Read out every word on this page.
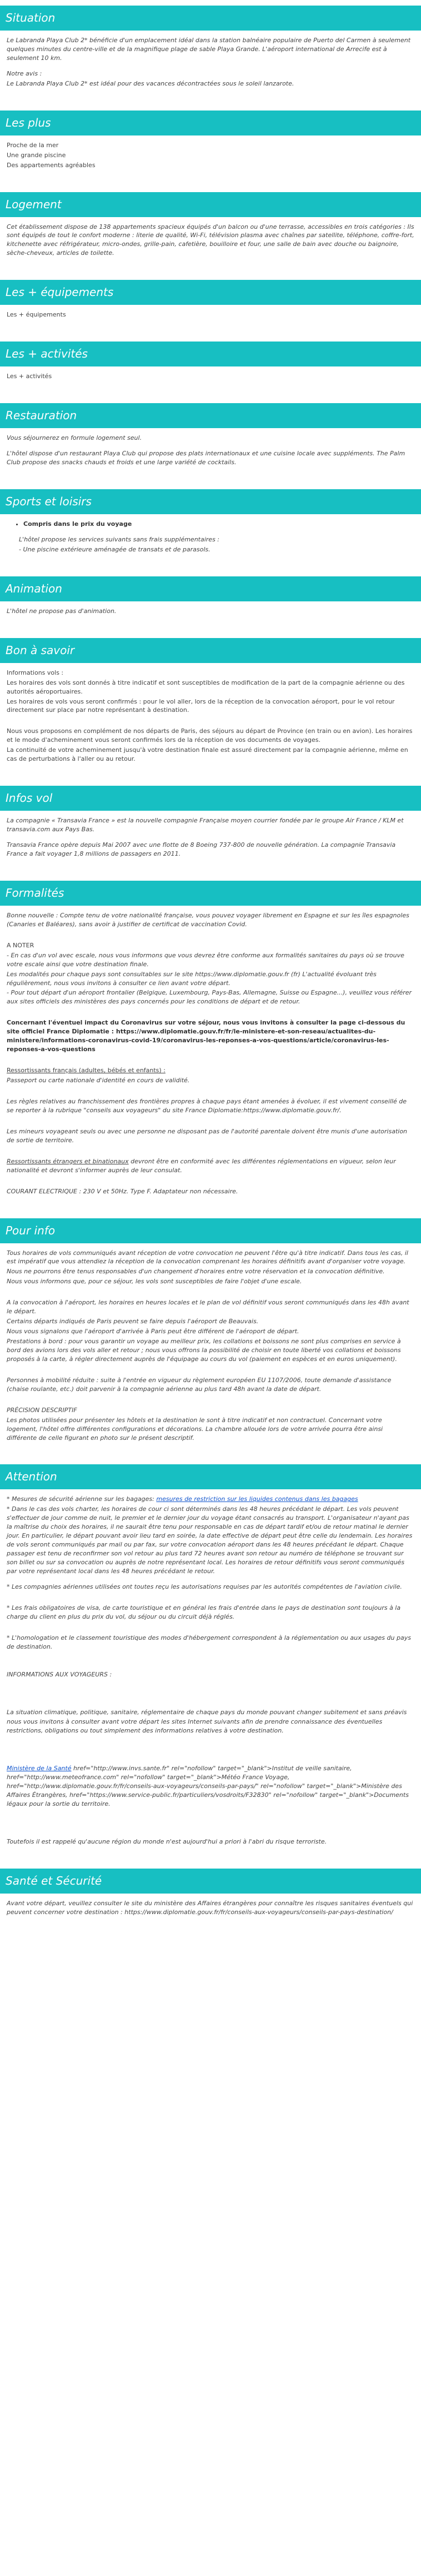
Situation

Le Labranda Playa Club 2* bénéficie d'un emplacement idéal dans la station balnéaire populaire de Puerto del Carmen à seulement quelques minutes du centre-ville et de la magnifique plage de sable Playa Grande. L'aéroport international de Arrecife est à seulement 10 km.

Notre avis :

Le Labranda Playa Club 2* est idéal pour des vacances décontractées sous le soleil lanzarote.

Les plus

Proche de la mer

Une grande piscine

Des appartements agréables

Logement

Cet établissement dispose de 138 appartements spacieux équipés d'un balcon ou d'une terrasse, accessibles en trois catégories : Ils sont équipés de tout le confort moderne : literie de qualité, Wi-Fi, télévision plasma avec chaînes par satellite, téléphone, coffre-fort, kitchenette avec réfrigérateur, micro-ondes, grille-pain, cafetière, bouilloire et four, une salle de bain avec douche ou baignoire, sèche-cheveux, articles de toilette.

Les + équipements

Les + équipements

Les + activités

Les + activités

Restauration

Vous séjournerez en formule logement seul.

L'hôtel dispose d'un restaurant Playa Club qui propose des plats internationaux et une cuisine locale avec suppléments. The Palm Club propose des snacks chauds et froids et une large variété de cocktails.

Sports et loisirs
• Compris dans le prix du voyage

L'hôtel propose les services suivants sans frais supplémentaires :

- Une piscine extérieure aménagée de transats et de parasols.

Animation

L'hôtel ne propose pas d'animation.

Bon à savoir

Informations vols :

Les horaires des vols sont donnés à titre indicatif et sont susceptibles de modification de la part de la compagnie aérienne ou des autorités aéroportuaires.

Les horaires de vols vous seront confirmés : pour le vol aller, lors de la réception de la convocation aéroport, pour le vol retour directement sur place par notre représentant à destination.

Nous vous proposons en complément de nos départs de Paris, des séjours au départ de Province (en train ou en avion). Les horaires et le mode d'acheminement vous seront confirmés lors de la réception de vos documents de voyages.

La continuité de votre acheminement jusqu'à votre destination finale est assuré directement par la compagnie aérienne, même en cas de perturbations à l'aller ou au retour.

Infos vol

La compagnie « Transavia France » est la nouvelle compagnie Française moyen courrier fondée par le groupe Air France / KLM et transavia.com aux Pays Bas.

Transavia France opère depuis Mai 2007 avec une flotte de 8 Boeing 737-800 de nouvelle génération. La compagnie Transavia France a fait voyager 1,8 millions de passagers en 2011.

Formalités

Bonne nouvelle : Compte tenu de votre nationalité française, vous pouvez voyager librement en Espagne et sur les îles espagnoles (Canaries et Baléares), sans avoir à justifier de certificat de vaccination Covid.

A NOTER

- En cas d'un vol avec escale, nous vous informons que vous devrez être conforme aux formalités sanitaires du pays où se trouve votre escale ainsi que votre destination finale.

Les modalités pour chaque pays sont consultables sur le site https://www.diplomatie.gouv.fr (fr) L'actualité évoluant très régulièrement, nous vous invitons à consulter ce lien avant votre départ.

- Pour tout départ d'un aéroport frontalier (Belgique, Luxembourg, Pays-Bas, Allemagne, Suisse ou Espagne...), veuillez vous référer aux sites officiels des ministères des pays concernés pour les conditions de départ et de retour.

Concernant l'éventuel impact du Coronavirus sur votre séjour, nous vous invitons à consulter la page ci-dessous du site officiel France Diplomatie : https://www.diplomatie.gouv.fr/fr/le-ministere-et-son-reseau/actualites-du-ministere/informations-coronavirus-covid-19/coronavirus-les-reponses-a-vos-questions/article/coronavirus-les-reponses-a-vos-questions

Ressortissants français (adultes, bébés et enfants) :

Passeport ou carte nationale d'identité en cours de validité.

Les règles relatives au franchissement des frontières propres à chaque pays étant amenées à évoluer, il est vivement conseillé de se reporter à la rubrique "conseils aux voyageurs" du site France Diplomatie:https://www.diplomatie.gouv.fr/.

Les mineurs voyageant seuls ou avec une personne ne disposant pas de l'autorité parentale doivent être munis d'une autorisation de sortie de territoire.

Ressortissants étrangers et binationaux devront être en conformité avec les différentes réglementations en vigueur, selon leur nationalité et devront s'informer auprès de leur consulat.

COURANT ELECTRIQUE : 230 V et 50Hz. Type F. Adaptateur non nécessaire.

Pour info

Tous horaires de vols communiqués avant réception de votre convocation ne peuvent l'être qu'à titre indicatif. Dans tous les cas, il est impératif que vous attendiez la réception de la convocation comprenant les horaires définitifs avant d'organiser votre voyage.

Nous ne pourrons être tenus responsables d'un changement d'horaires entre votre réservation et la convocation définitive.

Nous vous informons que, pour ce séjour, les vols sont susceptibles de faire l'objet d'une escale.

A la convocation à l'aéroport, les horaires en heures locales et le plan de vol définitif vous seront communiqués dans les 48h avant le départ.

Certains départs indiqués de Paris peuvent se faire depuis l'aéroport de Beauvais.

Nous vous signalons que l'aéroport d'arrivée à Paris peut être différent de l'aéroport de départ.

Prestations à bord : pour vous garantir un voyage au meilleur prix, les collations et boissons ne sont plus comprises en service à bord des avions lors des vols aller et retour ; nous vous offrons la possibilité de choisir en toute liberté vos collations et boissons proposés à la carte, à régler directement auprès de l'équipage au cours du vol (paiement en espèces et en euros uniquement).

Personnes à mobilité réduite : suite à l'entrée en vigueur du règlement européen EU 1107/2006, toute demande d'assistance (chaise roulante, etc.) doit parvenir à la compagnie aérienne au plus tard 48h avant la date de départ.

PRÉCISION DESCRIPTIF

Les photos utilisées pour présenter les hôtels et la destination le sont à titre indicatif et non contractuel. Concernant votre logement, l'hôtel offre différentes configurations et décorations. La chambre allouée lors de votre arrivée pourra être ainsi différente de celle figurant en photo sur le présent descriptif.

Attention

* Mesures de sécurité aérienne sur les bagages: mesures de restriction sur les liquides contenus dans les bagages

* Dans le cas des vols charter, les horaires de cour ci sont déterminés dans les 48 heures précédant le départ. Les vols peuvent s'effectuer de jour comme de nuit, le premier et le dernier jour du voyage étant consacrés au transport. L'organisateur n'ayant pas la maîtrise du choix des horaires, il ne saurait être tenu pour responsable en cas de départ tardif et/ou de retour matinal le dernier jour. En particulier, le départ pouvant avoir lieu tard en soirée, la date effective de départ peut être celle du lendemain. Les horaires de vols seront communiqués par mail ou par fax, sur votre convocation aéroport dans les 48 heures précédant le départ. Chaque passager est tenu de reconfirmer son vol retour au plus tard 72 heures avant son retour au numéro de téléphone se trouvant sur son billet ou sur sa convocation ou auprès de notre représentant local. Les horaires de retour définitifs vous seront communiqués par votre représentant local dans les 48 heures précédant le retour.

* Les compagnies aériennes utilisées ont toutes reçu les autorisations requises par les autorités compétentes de l'aviation civile.

* Les frais obligatoires de visa, de carte touristique et en général les frais d'entrée dans le pays de destination sont toujours à la charge du client en plus du prix du vol, du séjour ou du circuit déjà réglés.

* L'homologation et le classement touristique des modes d'hébergement correspondent à la réglementation ou aux usages du pays de destination.

INFORMATIONS AUX VOYAGEURS :

La situation climatique, politique, sanitaire, réglementaire de chaque pays du monde pouvant changer subitement et sans préavis

nous vous invitons à consulter avant votre départ les sites Internet suivants afin de prendre connaissance des éventuelles restrictions, obligations ou tout simplement des informations relatives à votre destination.

Ministère de la Santé href="http://www.invs.sante.fr" rel="nofollow" target="_blank">Institut de veille sanitaire, href="http://www.meteofrance.com" rel="nofollow" target="_blank">Météo France Voyage, href="http://www.diplomatie.gouv.fr/fr/conseils-aux-voyageurs/conseils-par-pays/" rel="nofollow" target="_blank">Ministère des Affaires Étrangères, href="https://www.service-public.fr/particuliers/vosdroits/F32830" rel="nofollow" target="_blank">Documents légaux pour la sortie du territoire.

Toutefois il est rappelé qu'aucune région du monde n'est aujourd'hui a priori à l'abri du risque terroriste.

Santé et Sécurité

Avant votre départ, veuillez consulter le site du ministère des Affaires étrangères pour connaître les risques sanitaires éventuels qui peuvent concerner votre destination : https://www.diplomatie.gouv.fr/fr/conseils-aux-voyageurs/conseils-par-pays-destination/
